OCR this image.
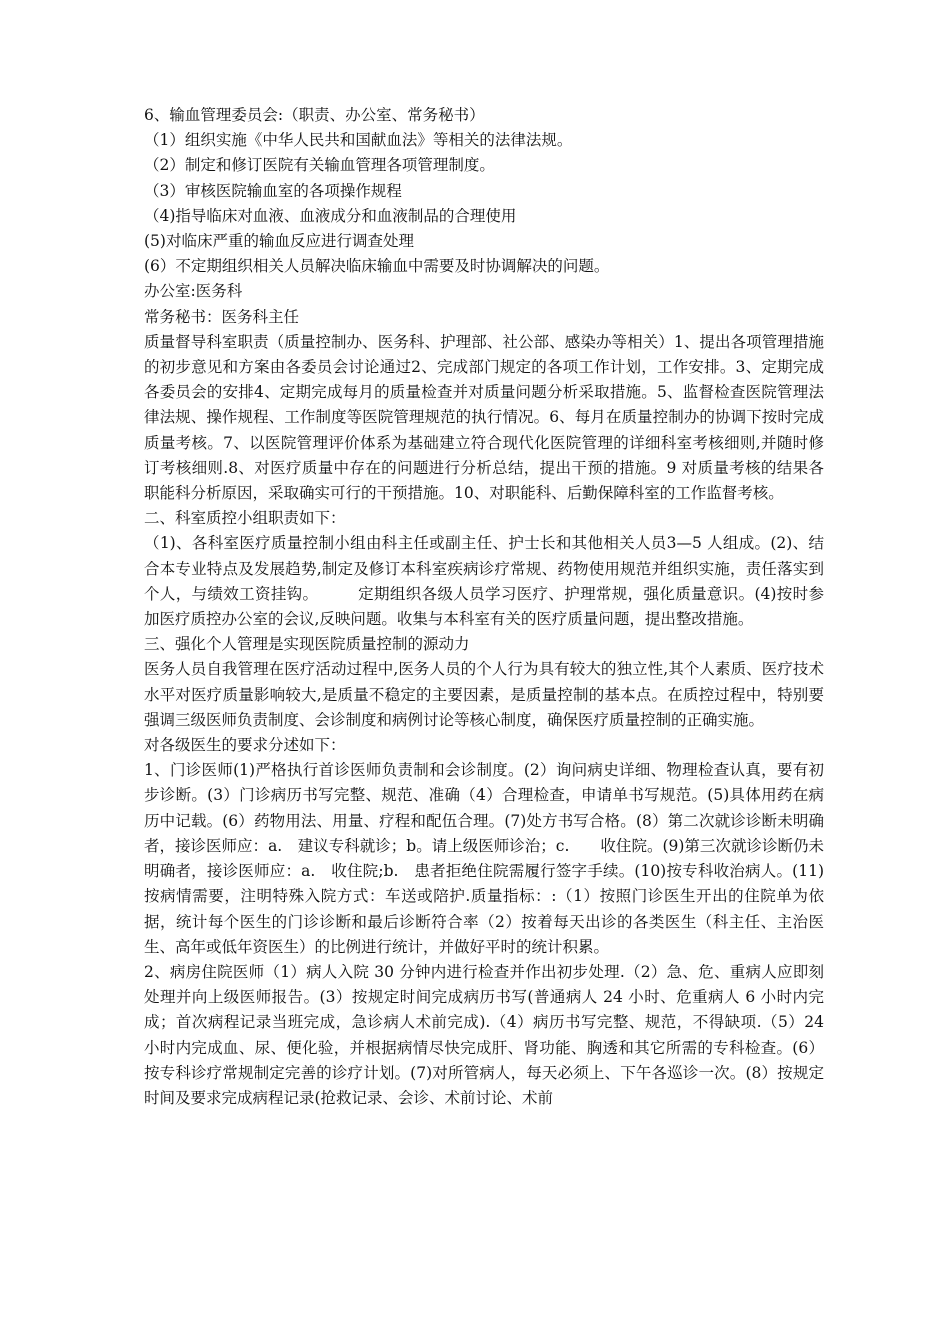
6、输血管理委员会:（职责、办公室、常务秘书）

（1）组织实施《中华人民共和国献血法》等相关的法律法规。

（2）制定和修订医院有关输血管理各项管理制度。

（3）审核医院输血室的各项操作规程

（4)指导临床对血液、血液成分和血液制品的合理使用

(5)对临床严重的输血反应进行调查处理

(6）不定期组织相关人员解决临床输血中需要及时协调解决的问题。

办公室:医务科

常务秘书：医务科主任

质量督导科室职责（质量控制办、医务科、护理部、社公部、感染办等相关）1、提出各项管理措施的初步意见和方案由各委员会讨论通过2、完成部门规定的各项工作计划，工作安排。3、定期完成各委员会的安排4、定期完成每月的质量检查并对质量问题分析采取措施。5、监督检查医院管理法律法规、操作规程、工作制度等医院管理规范的执行情况。6、每月在质量控制办的协调下按时完成质量考核。7、以医院管理评价体系为基础建立符合现代化医院管理的详细科室考核细则,并随时修订考核细则.8、对医疗质量中存在的问题进行分析总结，提出干预的措施。9 对质量考核的结果各职能科分析原因，采取确实可行的干预措施。10、对职能科、后勤保障科室的工作监督考核。

二、科室质控小组职责如下：

（1)、各科室医疗质量控制小组由科主任或副主任、护士长和其他相关人员3—5 人组成。(2)、结合本专业特点及发展趋势,制定及修订本科室疾病诊疗常规、药物使用规范并组织实施，责任落实到个人，与绩效工资挂钩。　　　定期组织各级人员学习医疗、护理常规，强化质量意识。(4)按时参加医疗质控办公室的会议,反映问题。收集与本科室有关的医疗质量问题，提出整改措施。

三、强化个人管理是实现医院质量控制的源动力

医务人员自我管理在医疗活动过程中,医务人员的个人行为具有较大的独立性,其个人素质、医疗技术水平对医疗质量影响较大,是质量不稳定的主要因素，是质量控制的基本点。在质控过程中，特别要强调三级医师负责制度、会诊制度和病例讨论等核心制度，确保医疗质量控制的正确实施。

对各级医生的要求分述如下：

1、门诊医师(1)严格执行首诊医师负责制和会诊制度。(2）询问病史详细、物理检查认真，要有初步诊断。(3）门诊病历书写完整、规范、准确（4）合理检查，申请单书写规范。(5)具体用药在病历中记载。(6）药物用法、用量、疗程和配伍合理。(7)处方书写合格。(8）第二次就诊诊断未明确者，接诊医师应：a.　建议专科就诊；b。请上级医师诊治；c.　　收住院。(9)第三次就诊诊断仍未明确者，接诊医师应：a.　收住院;b.　患者拒绝住院需履行签字手续。(10)按专科收治病人。(11)按病情需要，注明特殊入院方式：车送或陪护.质量指标：:（1）按照门诊医生开出的住院单为依据，统计每个医生的门诊诊断和最后诊断符合率（2）按着每天出诊的各类医生（科主任、主治医生、高年或低年资医生）的比例进行统计，并做好平时的统计积累。

2、病房住院医师（1）病人入院 30 分钟内进行检查并作出初步处理.（2）急、危、重病人应即刻处理并向上级医师报告。(3）按规定时间完成病历书写(普通病人 24 小时、危重病人 6 小时内完成；首次病程记录当班完成，急诊病人术前完成).（4）病历书写完整、规范，不得缺项.（5）24 小时内完成血、尿、便化验，并根据病情尽快完成肝、肾功能、胸透和其它所需的专科检查。(6）按专科诊疗常规制定完善的诊疗计划。(7)对所管病人，每天必须上、下午各巡诊一次。(8）按规定时间及要求完成病程记录(抢救记录、会诊、术前讨论、术前
